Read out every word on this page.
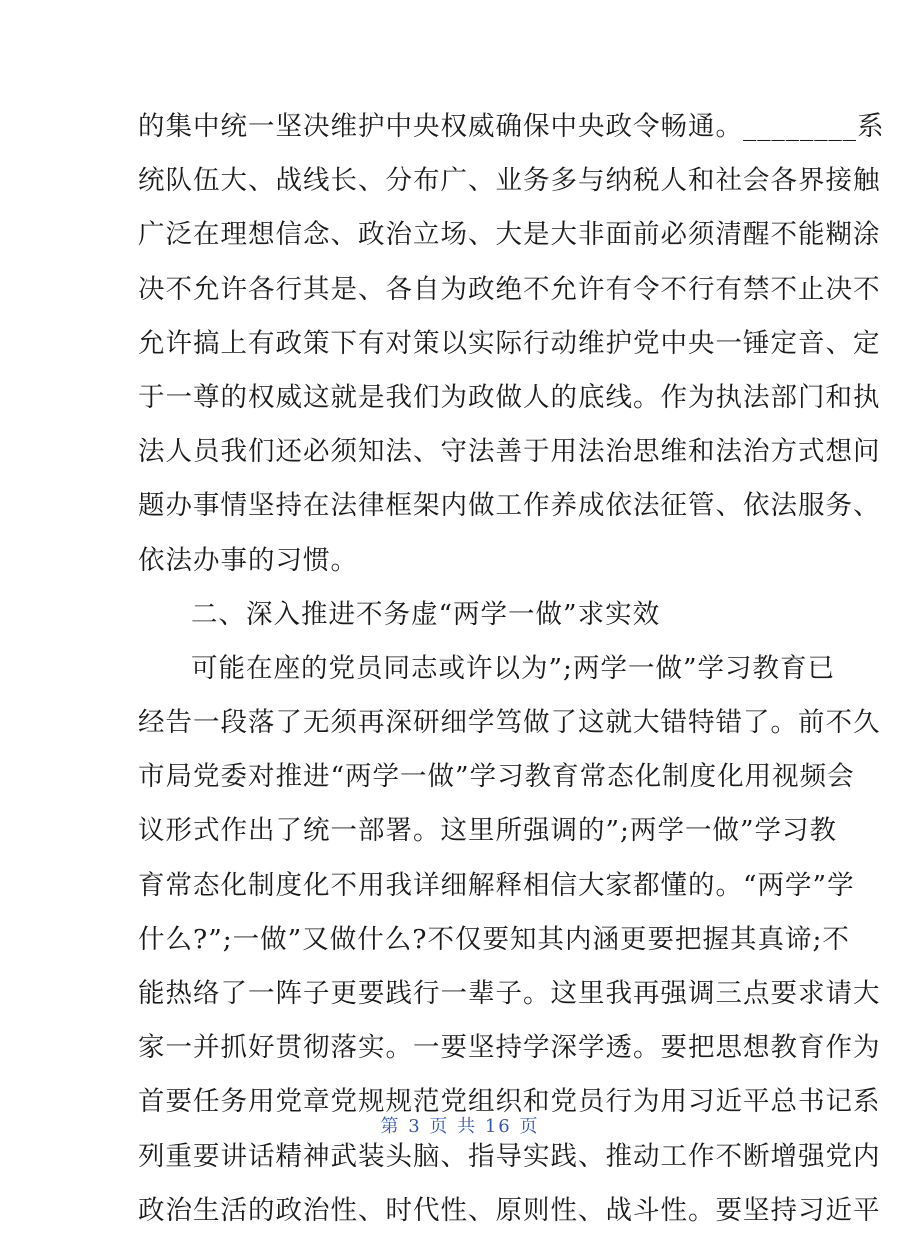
的集中统一坚决维护中央权威确保中央政令畅通。________系
统队伍大、战线长、分布广、业务多与纳税人和社会各界接触
广泛在理想信念、政治立场、大是大非面前必须清醒不能糊涂
决不允许各行其是、各自为政绝不允许有令不行有禁不止决不
允许搞上有政策下有对策以实际行动维护党中央一锤定音、定
于一尊的权威这就是我们为政做人的底线。作为执法部门和执
法人员我们还必须知法、守法善于用法治思维和法治方式想问
题办事情坚持在法律框架内做工作养成依法征管、依法服务、
依法办事的习惯。
二、深入推进不务虚“两学一做”求实效
可能在座的党员同志或许以为”;两学一做”学习教育已
经告一段落了无须再深研细学笃做了这就大错特错了。前不久
市局党委对推进“两学一做”学习教育常态化制度化用视频会
议形式作出了统一部署。这里所强调的”;两学一做”学习教
育常态化制度化不用我详细解释相信大家都懂的。“两学”学
什么?”;一做”又做什么?不仅要知其内涵更要把握其真谛;不
能热络了一阵子更要践行一辈子。这里我再强调三点要求请大
家一并抓好贯彻落实。一要坚持学深学透。要把思想教育作为
首要任务用党章党规规范党组织和党员行为用习近平总书记系
列重要讲话精神武装头脑、指导实践、推动工作不断增强党内
政治生活的政治性、时代性、原则性、战斗性。要坚持习近平
第 3 页 共 16 页
